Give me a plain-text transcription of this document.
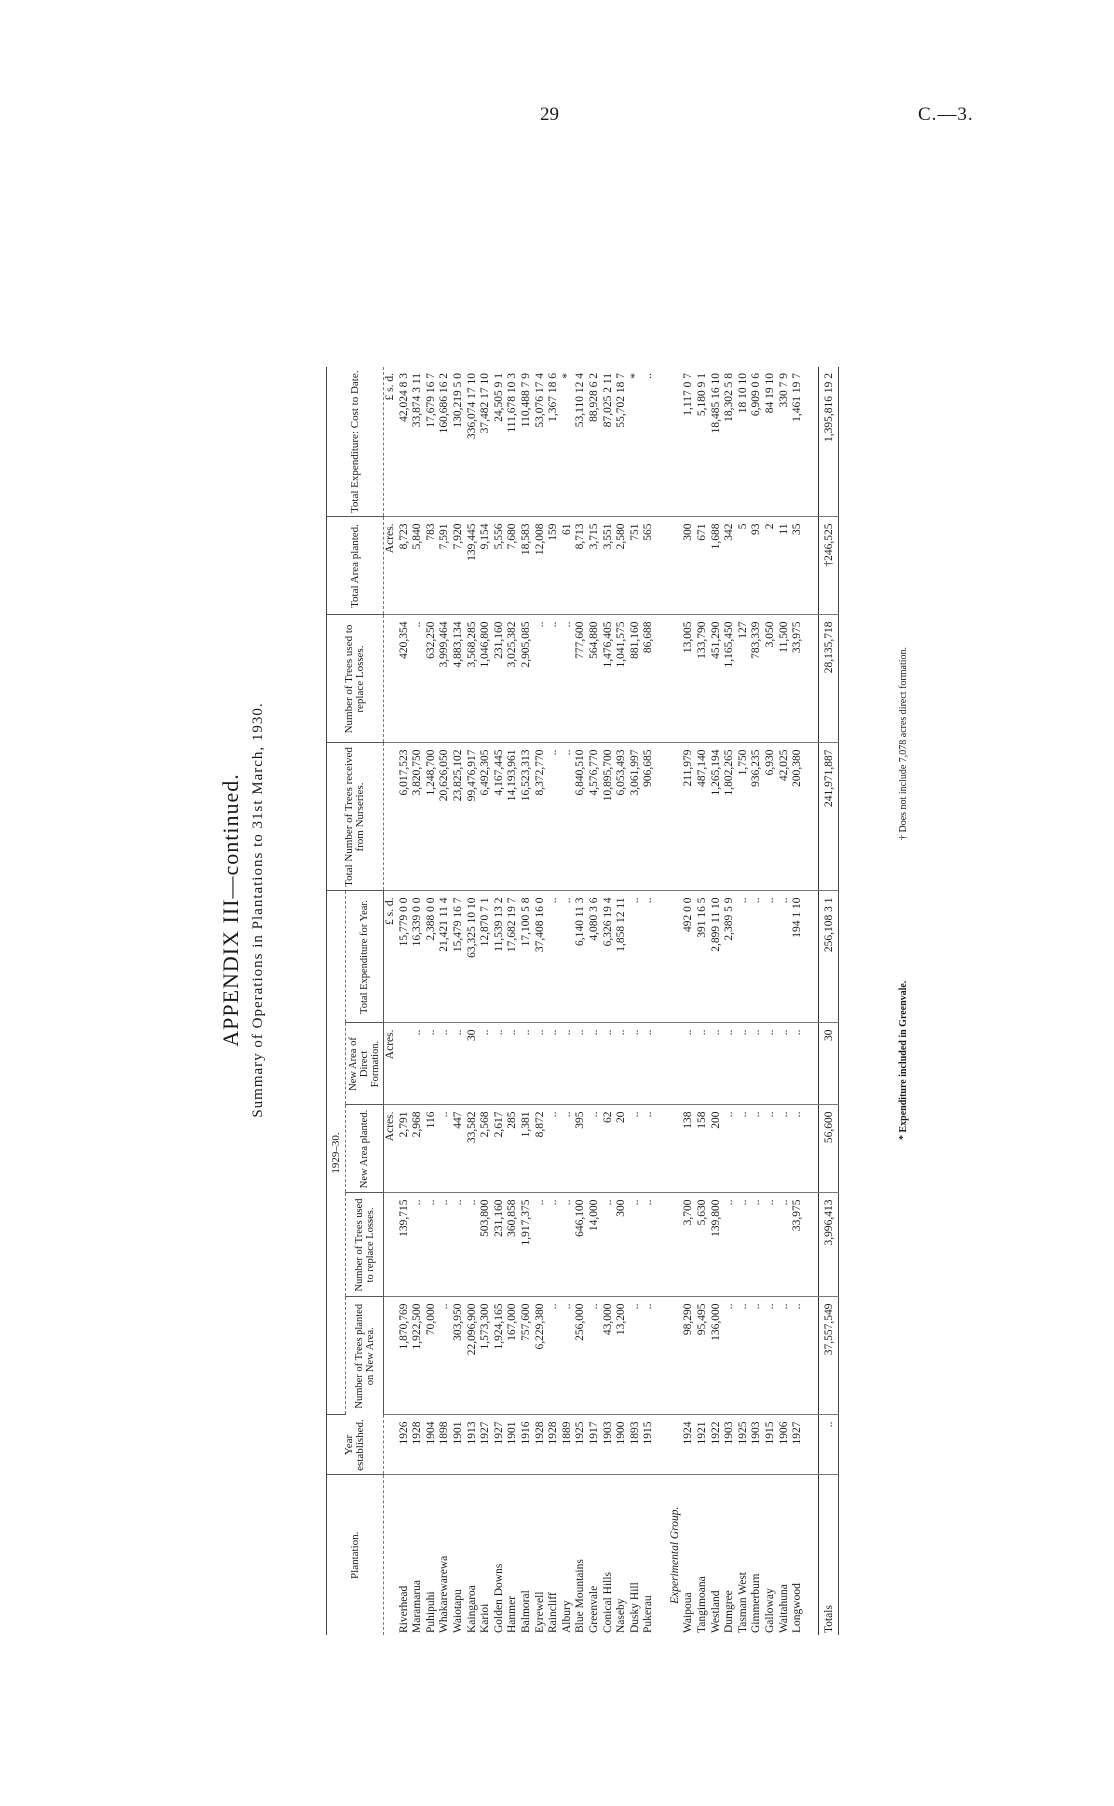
29	C.—3.
APPENDIX III—continued. Summary of Operations in Plantations to 31st March, 1930.
Plantation.	Year established.	1929–30.					Total Number of Trees received from Nurseries.	Number of Trees used to replace Losses.	Total Area planted.	Total Expenditure: Cost to Date.
		Number of Trees planted on New Area.	Number of Trees used to replace Losses.	New Area planted.	New Area of Direct Formation.	Total Expenditure for Year.				
				Acres.	Acres.	£ s. d.			Acres.	£ s. d.
Riverhead	1926	1,870,769	139,715	2,791		15,779 0 0	6,017,523	420,354	8,723	42,024 8 3
Maramarua	1928	1,922,500	..	2,968	..	16,339 0 0	3,820,750	..	5,840	33,874 3 11
Puhipuhi	1904	70,000	..	116	..	2,388 0 0	1,248,700	632,250	783	17,679 16 7
Whakarewarewa	1898	..	..	..	..	21,421 11 4	20,626,050	3,999,464	7,591	160,686 16 2
Waiotapu	1901	303,950	..	447	..	15,479 16 7	23,825,102	4,883,134	7,920	130,219 5 0
Kaingaroa	1913	22,096,900	..	33,582	30	63,325 10 10	99,476,917	3,568,285	139,445	336,074 17 10
Karioi	1927	1,573,300	503,800	2,568	..	12,870 7 1	6,492,305	1,046,800	9,154	37,482 17 10
Golden Downs	1927	1,924,165	231,160	2,617	..	11,539 13 2	4,167,445	231,160	5,556	24,505 9 1
Hanmer	1901	167,000	360,858	285	..	17,682 19 7	14,193,961	3,025,382	7,680	111,678 10 3
Balmoral	1916	757,600	1,917,375	1,381	..	17,100 5 8	16,523,313	2,905,085	18,583	110,488 7 9
Eyrewell	1928	6,229,380	..	8,872	..	37,408 16 0	8,372,770	..	12,008	53,076 17 4
Raincliff	1928	..	..	..	..	..	..	..	159	1,367 18 6
Albury	1889	..	..	..	..	..	..	..	61	*
Blue Mountains	1925	256,000	646,100	395	..	6,140 11 3	6,840,510	777,600	8,713	53,110 12 4
Greenvale	1917	..	14,000	..	..	4,080 3 6	4,576,770	564,880	3,715	88,928 6 2
Conical Hills	1903	43,000	..	62	..	6,326 19 4	10,895,700	1,476,405	3,551	87,025 2 11
Naseby	1900	13,200	300	20	..	1,858 12 11	6,053,493	1,041,575	2,580	55,702 18 7
Dusky Hill	1893	..	..	..	..	..	3,061,997	881,160	751	*
Pukerau	1915	..	..	..	..	..	906,685	86,688	565	..

Experimental Group.										
Waipoua	1924	98,290	3,700	138	..	492 0 0	211,979	13,005	300	1,117 0 7
Tangimoana	1921	95,495	5,630	158	..	391 16 5	487,140	133,790	671	5,180 9 1
Westland	1922	136,000	139,800	200	..	2,899 11 10	1,265,194	451,290	1,688	18,485 16 10
Dumgree	1903	..	..	..	..	2,389 5 9	1,802,265	1,165,450	342	18,302 5 8
Tasman West	1925	..	..	..	..	..	1,750	127	5	18 10 10
Gimmerburn	1903	..	..	..	..	..	936,235	783,339	93	6,909 0 6
Galloway	1915	..	..	..	..	..	6,930	3,050	2	84 19 10
Waitahuna	1906	..	..	..	..	..	42,025	11,500	11	330 7 9
Longwood	1927	..	33,975	..	..	194 1 10	200,380	33,975	35	1,461 19 7

Totals	..	37,557,549	3,996,413	56,600	30	256,108 3 1	241,971,887	28,135,718	†246,525	1,395,816 19 2
* Expenditure included in Greenvale.
† Does not include 7,078 acres direct formation.
